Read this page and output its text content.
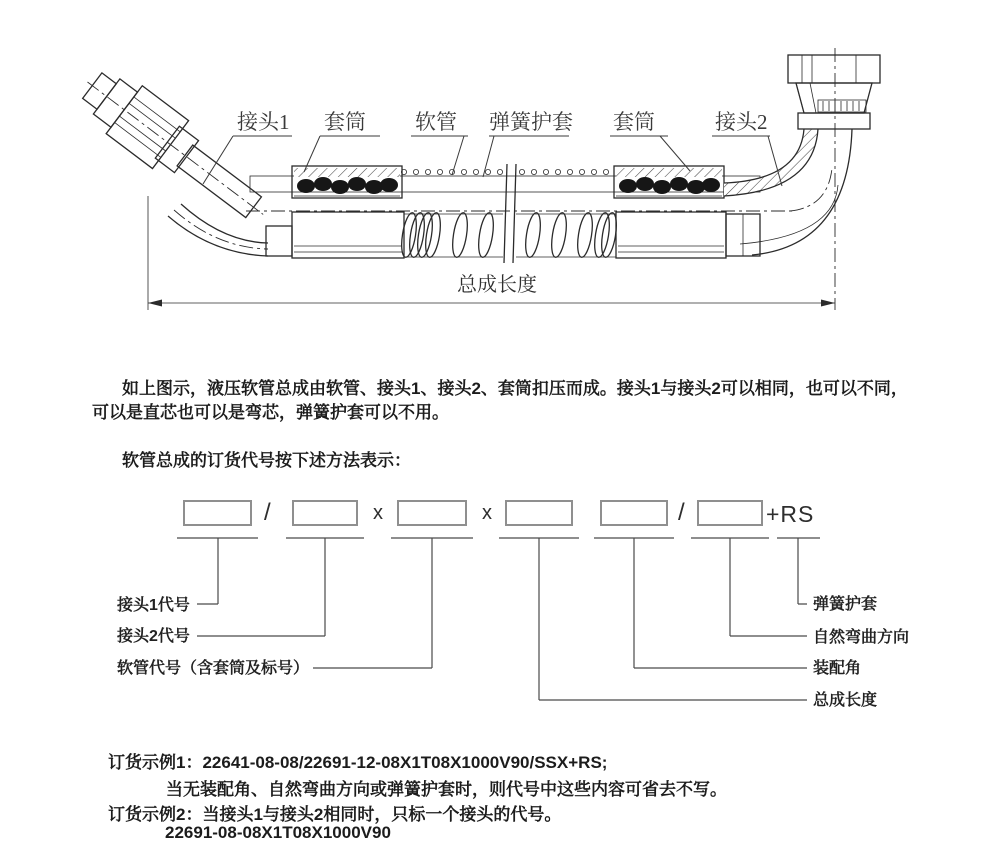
接头1 套筒 软管 弹簧护套 套筒	接头2
总成长度
如上图示，液压软管总成由软管、接头1、接头2、套筒扣压而成。接头1与接头2可以相同，也可以不同，
可以是直芯也可以是弯芯，弹簧护套可以不用。
软管总成的订货代号按下述方法表示：
/	x	x	/	+RS
接头1代号
接头2代号
软管代号（含套筒及标号）
弹簧护套
自然弯曲方向
装配角
总成长度
订货示例1：22641-08-08/22691-12-08X1T08X1000V90/SSX+RS;
当无装配角、自然弯曲方向或弹簧护套时，则代号中这些内容可省去不写。
订货示例2：当接头1与接头2相同时，只标一个接头的代号。
22691-08-08X1T08X1000V90
